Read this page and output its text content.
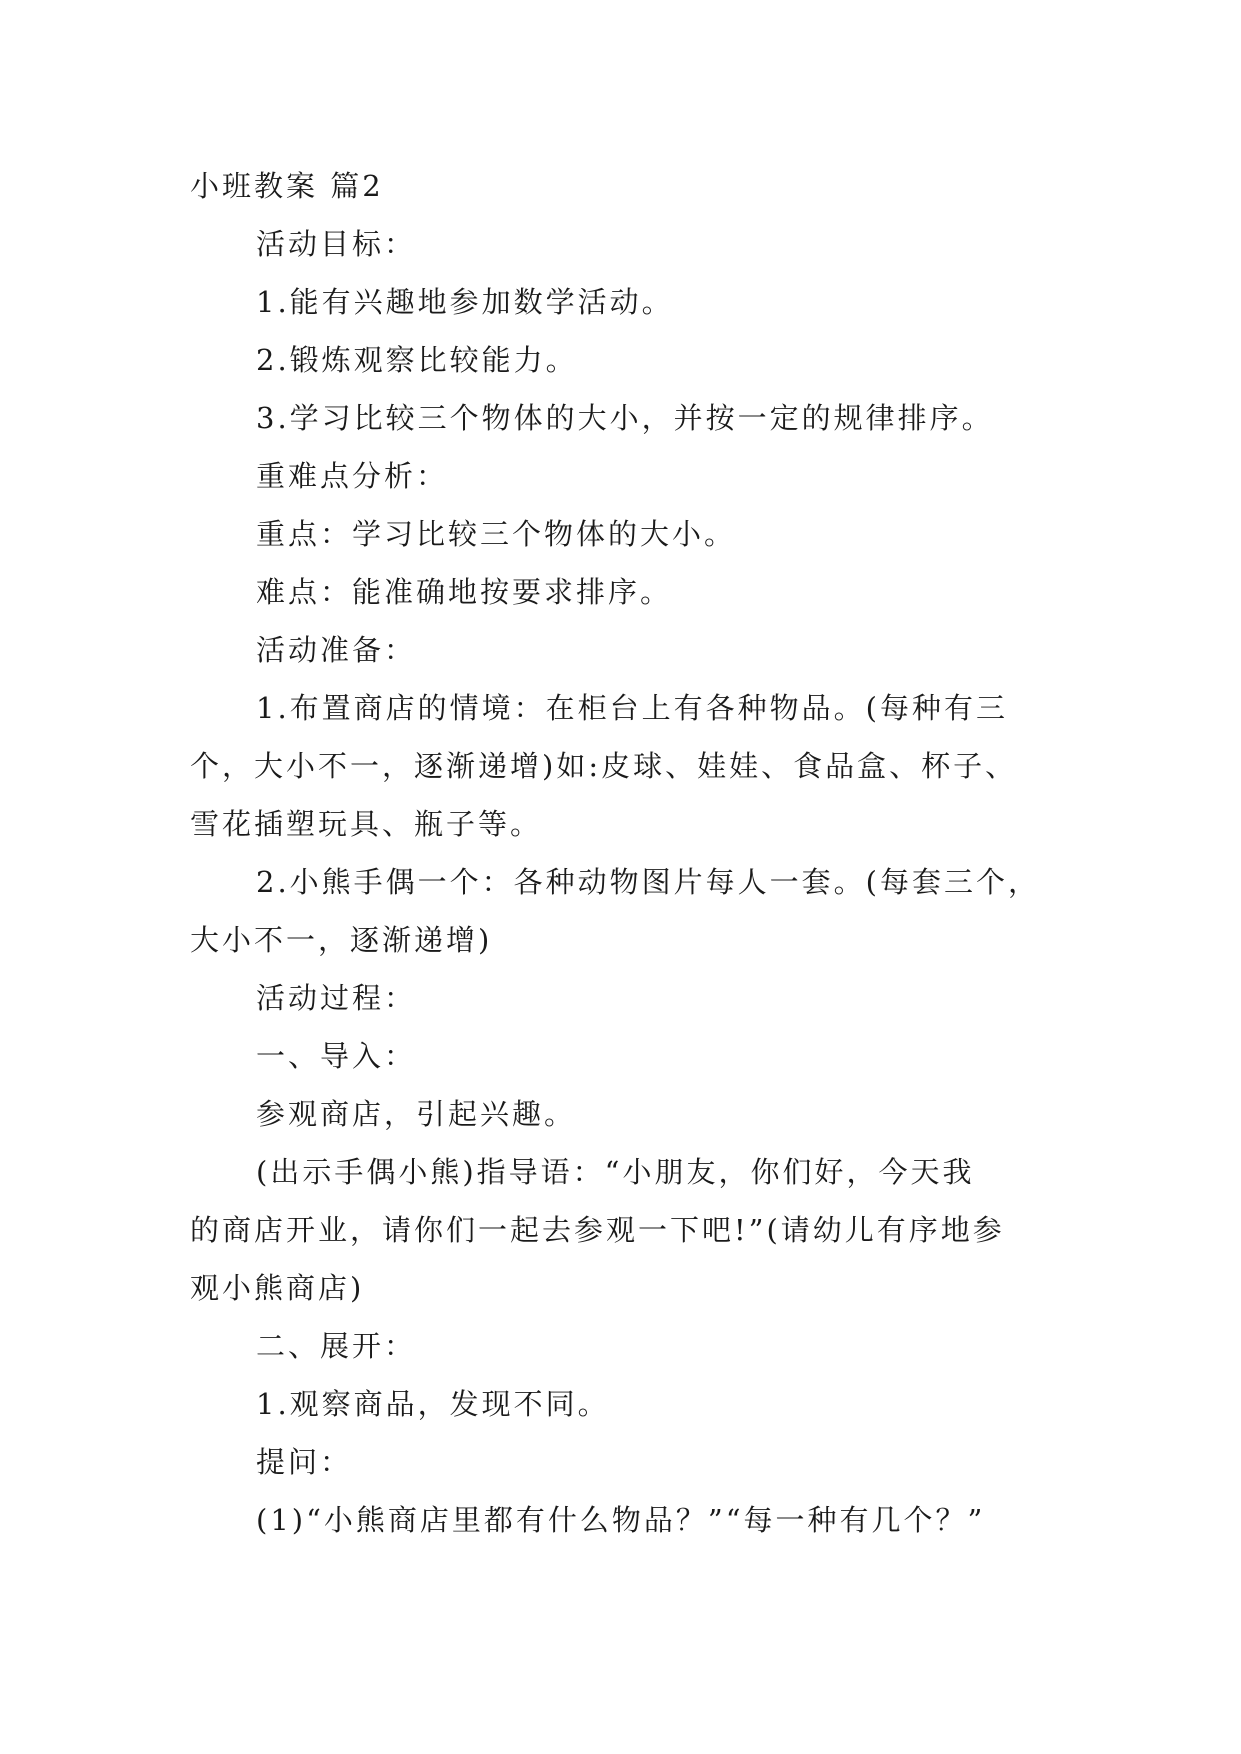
小班教案 篇2
活动目标：
1.能有兴趣地参加数学活动。
2.锻炼观察比较能力。
3.学习比较三个物体的大小，并按一定的规律排序。
重难点分析：
重点：学习比较三个物体的大小。
难点：能准确地按要求排序。
活动准备：
1.布置商店的情境：在柜台上有各种物品。(每种有三
个，大小不一，逐渐递增)如:皮球、娃娃、食品盒、杯子、
雪花插塑玩具、瓶子等。
2.小熊手偶一个：各种动物图片每人一套。(每套三个，
大小不一，逐渐递增)
活动过程：
一、导入：
参观商店，引起兴趣。
(出示手偶小熊)指导语：“小朋友，你们好，今天我
的商店开业，请你们一起去参观一下吧!”(请幼儿有序地参
观小熊商店)
二、展开：
1.观察商品，发现不同。
提问：
(1)“小熊商店里都有什么物品？”“每一种有几个？”
